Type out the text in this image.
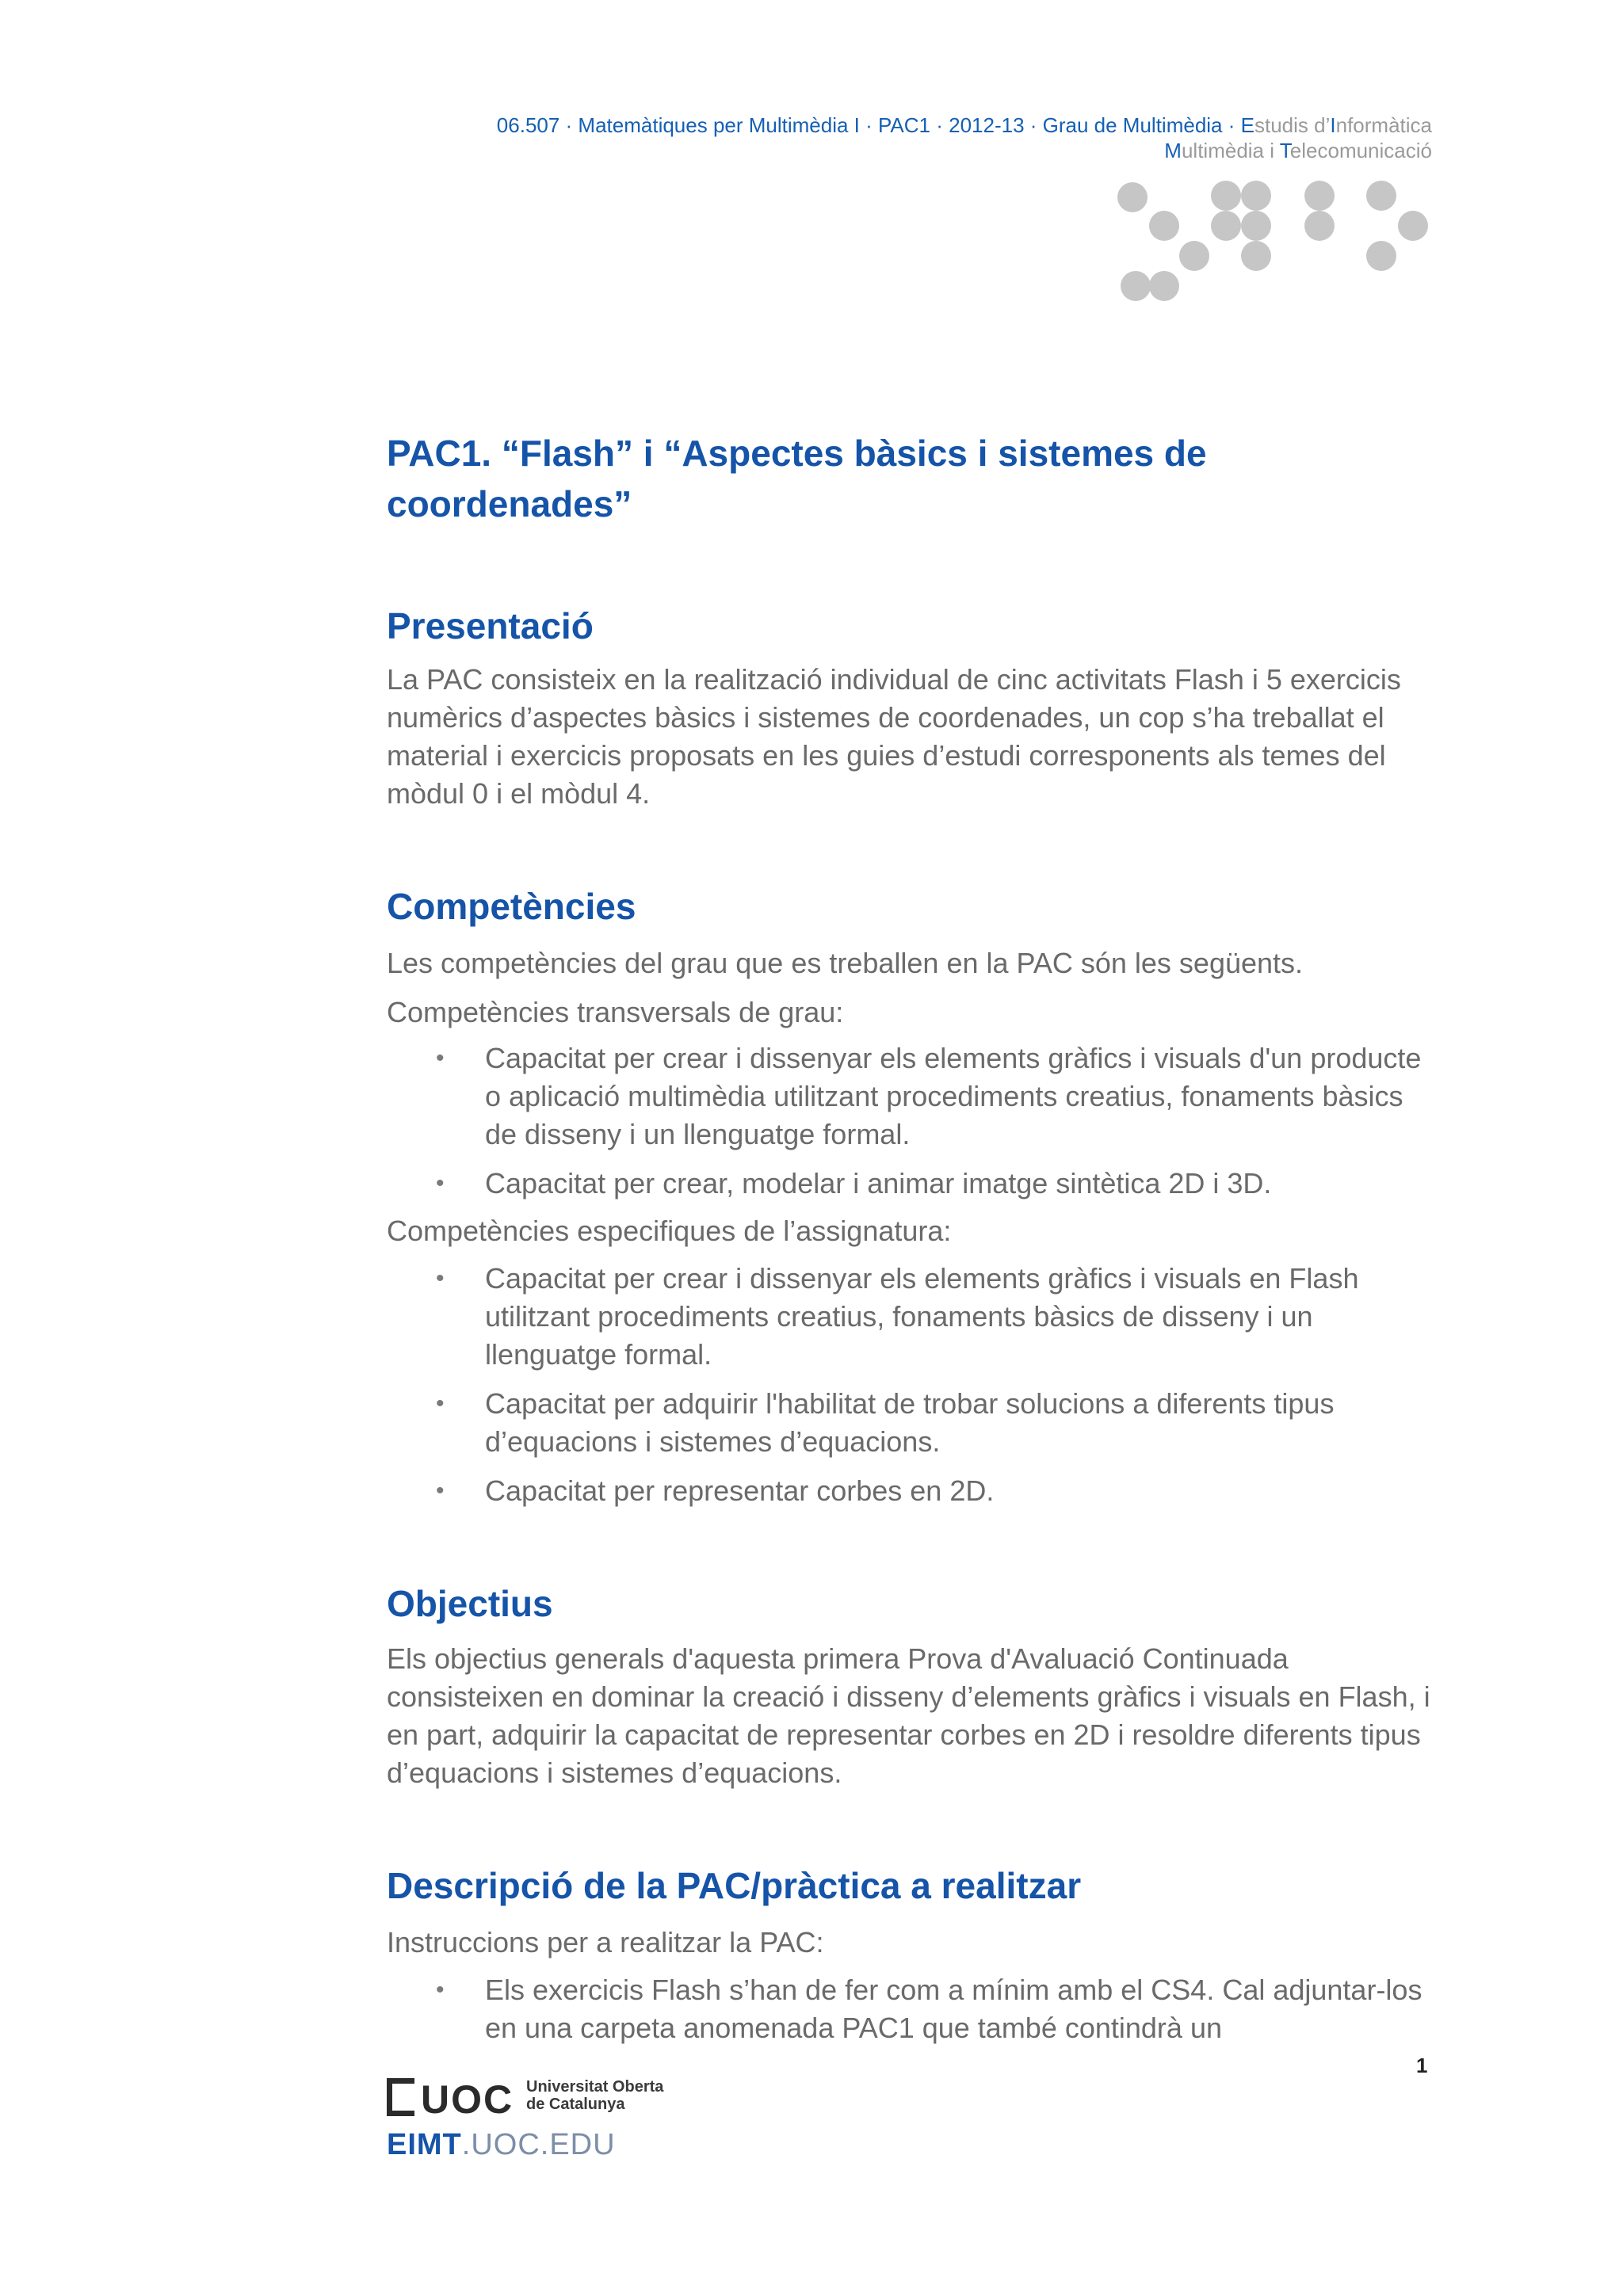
06.507 · Matemàtiques per Multimèdia I · PAC1 · 2012-13 · Grau de Multimèdia · Estudis d’Informàtica
Multimèdia i Telecomunicació
PAC1. “Flash” i “Aspectes bàsics i sistemes de coordenades”
Presentació

La PAC consisteix en la realització individual de cinc activitats Flash i 5 exercicis numèrics d’aspectes bàsics i sistemes de coordenades, un cop s’ha treballat el material i exercicis proposats en les guies d’estudi corresponents als temes del mòdul 0 i el mòdul 4.

Competències

Les competències del grau que es treballen en la PAC són les següents.

Competències transversals de grau:

• Capacitat per crear i dissenyar els elements gràfics i visuals d'un producte o aplicació multimèdia utilitzant procediments creatius, fonaments bàsics de disseny i un llenguatge formal.
• Capacitat per crear, modelar i animar imatge sintètica 2D i 3D.

Competències especifiques de l’assignatura:

• Capacitat per crear i dissenyar els elements gràfics i visuals en Flash utilitzant procediments creatius, fonaments bàsics de disseny i un llenguatge formal.
• Capacitat per adquirir l'habilitat de trobar solucions a diferents tipus d’equacions i sistemes d’equacions.
• Capacitat per representar corbes en 2D.
Objectius

Els objectius generals d'aquesta primera Prova d'Avaluació Continuada consisteixen en dominar la creació i disseny d’elements gràfics i visuals en Flash, i en part, adquirir la capacitat de representar corbes en 2D i resoldre diferents tipus d’equacions i sistemes d’equacions.

Descripció de la PAC/pràctica a realitzar

Instruccions per a realitzar la PAC:

• Els exercicis Flash s’han de fer com a mínim amb el CS4. Cal adjuntar-los en una carpeta anomenada PAC1 que també contindrà un
1
UOC Universitat Oberta
de Catalunya
EIMT.UOC.EDU
